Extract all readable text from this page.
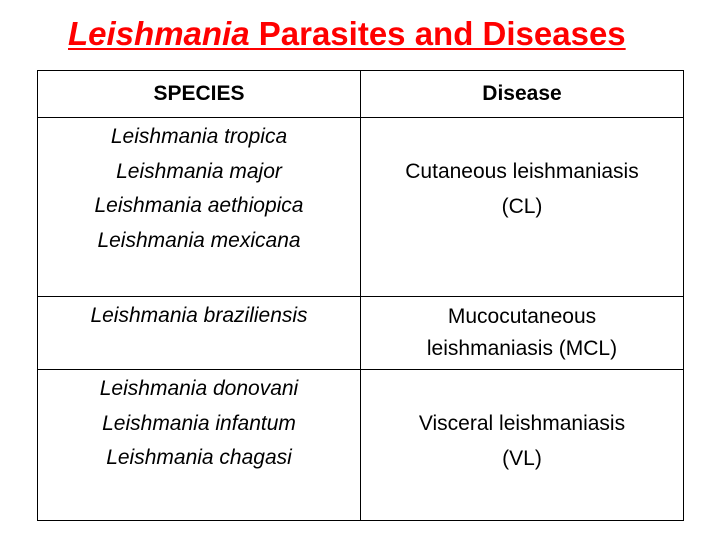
Leishmania Parasites and Diseases
SPECIES	Disease

Leishmania tropica
Leishmania major
Leishmania aethiopica
Leishmania mexicana	Cutaneous leishmaniasis
(CL)

Leishmania braziliensis	Mucocutaneous
leishmaniasis (MCL)

Leishmania donovani
Leishmania infantum
Leishmania chagasi	Visceral leishmaniasis
(VL)
